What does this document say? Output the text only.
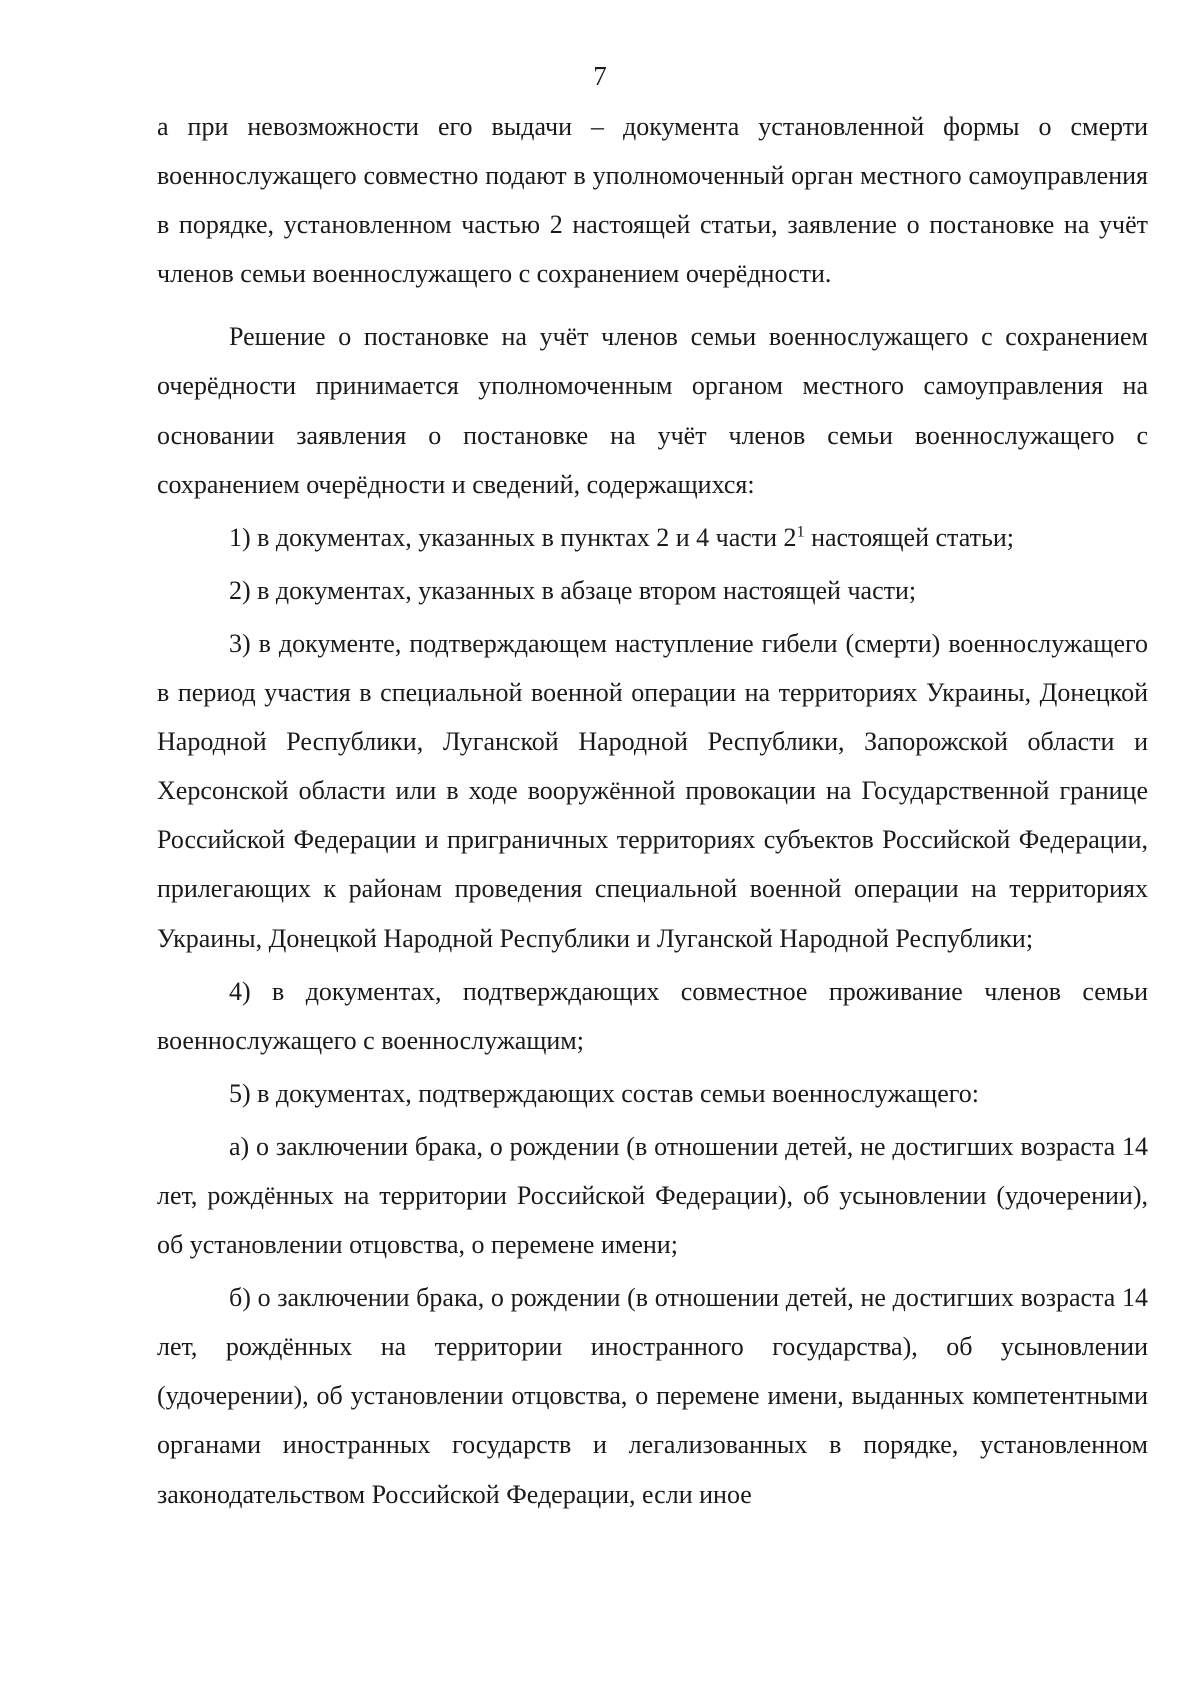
7

а при невозможности его выдачи – документа установленной формы о смерти военнослужащего совместно подают в уполномоченный орган местного самоуправления в порядке, установленном частью 2 настоящей статьи, заявление о постановке на учёт членов семьи военнослужащего с сохранением очерёдности.

Решение о постановке на учёт членов семьи военнослужащего с сохранением очерёдности принимается уполномоченным органом местного самоуправления на основании заявления о постановке на учёт членов семьи военнослужащего с сохранением очерёдности и сведений, содержащихся:

1) в документах, указанных в пунктах 2 и 4 части $2^1$ настоящей статьи;

2) в документах, указанных в абзаце втором настоящей части;

3) в документе, подтверждающем наступление гибели (смерти) военнослужащего в период участия в специальной военной операции на территориях Украины, Донецкой Народной Республики, Луганской Народной Республики, Запорожской области и Херсонской области или в ходе вооружённой провокации на Государственной границе Российской Федерации и приграничных территориях субъектов Российской Федерации, прилегающих к районам проведения специальной военной операции на территориях Украины, Донецкой Народной Республики и Луганской Народной Республики;

4) в документах, подтверждающих совместное проживание членов семьи военнослужащего с военнослужащим;

5) в документах, подтверждающих состав семьи военнослужащего:

а) о заключении брака, о рождении (в отношении детей, не достигших возраста 14 лет, рождённых на территории Российской Федерации), об усыновлении (удочерении), об установлении отцовства, о перемене имени;

б) о заключении брака, о рождении (в отношении детей, не достигших возраста 14 лет, рождённых на территории иностранного государства), об усыновлении (удочерении), об установлении отцовства, о перемене имени, выданных компетентными органами иностранных государств и легализованных в порядке, установленном законодательством Российской Федерации, если иное
